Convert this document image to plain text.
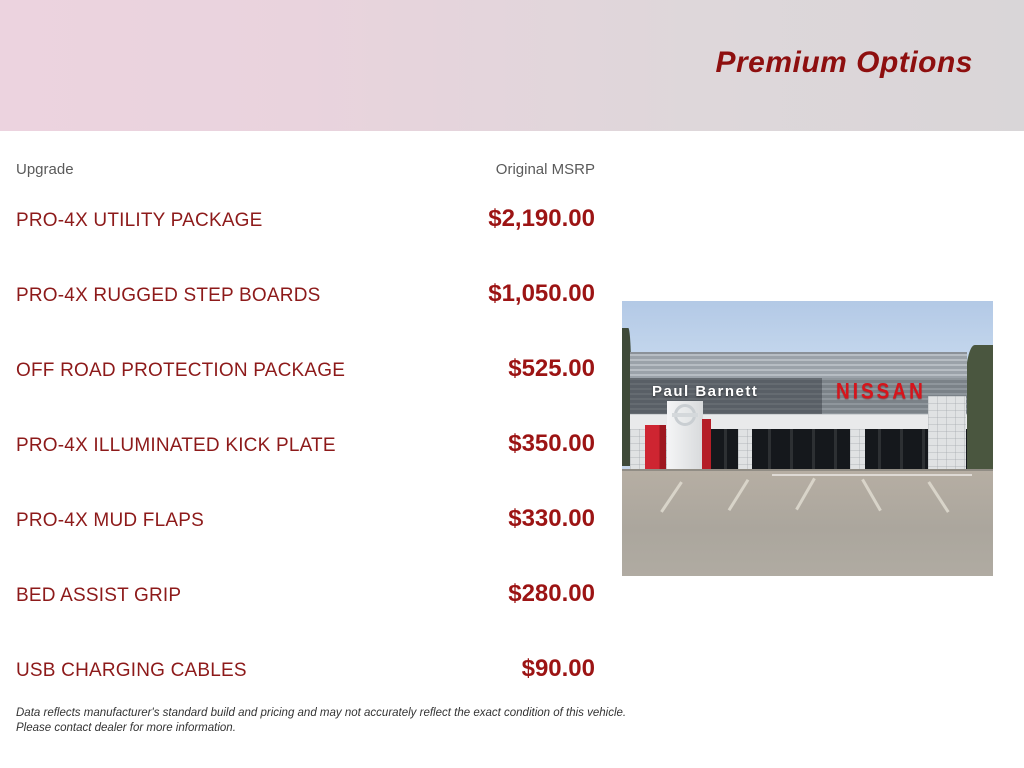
Premium Options
Upgrade	Original MSRP
PRO-4X UTILITY PACKAGE	$2,190.00
PRO-4X RUGGED STEP BOARDS	$1,050.00
OFF ROAD PROTECTION PACKAGE	$525.00
PRO-4X ILLUMINATED KICK PLATE	$350.00
PRO-4X MUD FLAPS	$330.00
BED ASSIST GRIP	$280.00
USB CHARGING CABLES	$90.00
Data reflects manufacturer's standard build and pricing and may not accurately reflect the exact condition of this vehicle.
Please contact dealer for more information.
Paul Barnett	NISSAN
